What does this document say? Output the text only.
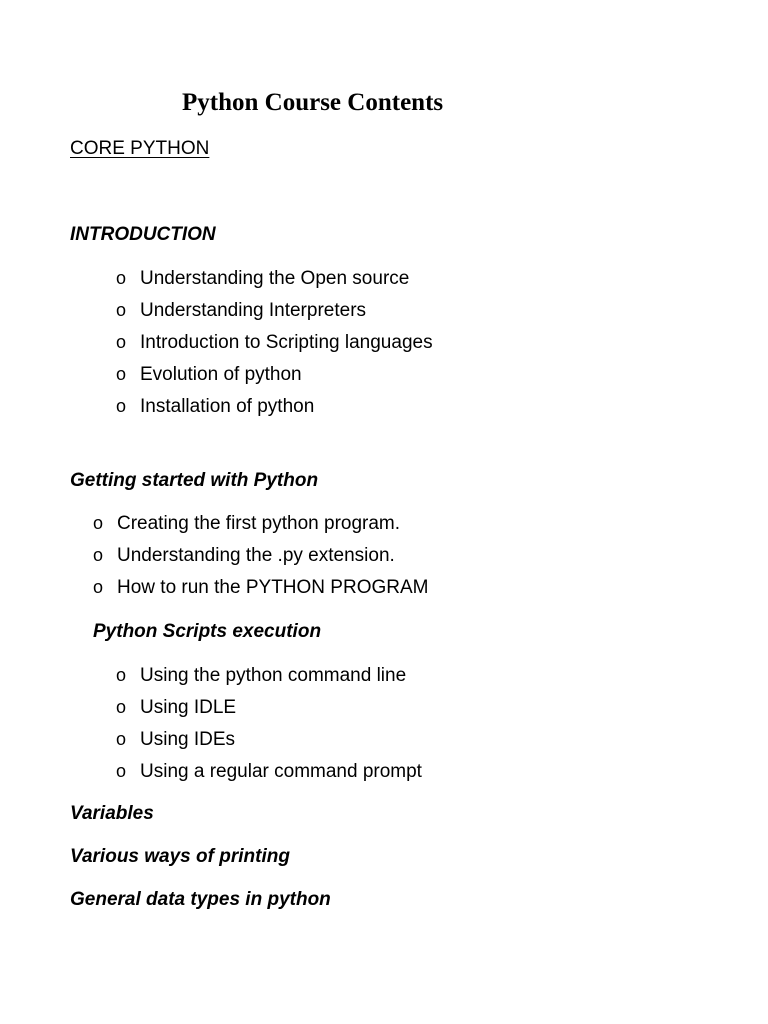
Python Course Contents
CORE PYTHON
INTRODUCTION
o Understanding the Open source
o Understanding Interpreters
o Introduction to Scripting languages
o Evolution of python
o Installation of python
Getting started with Python
o Creating the first python program.
o Understanding the .py extension.
o How to run the PYTHON PROGRAM
Python Scripts execution
o Using the python command line
o Using IDLE
o Using IDEs
o Using a regular command prompt
Variables
Various ways of printing
General data types in python
